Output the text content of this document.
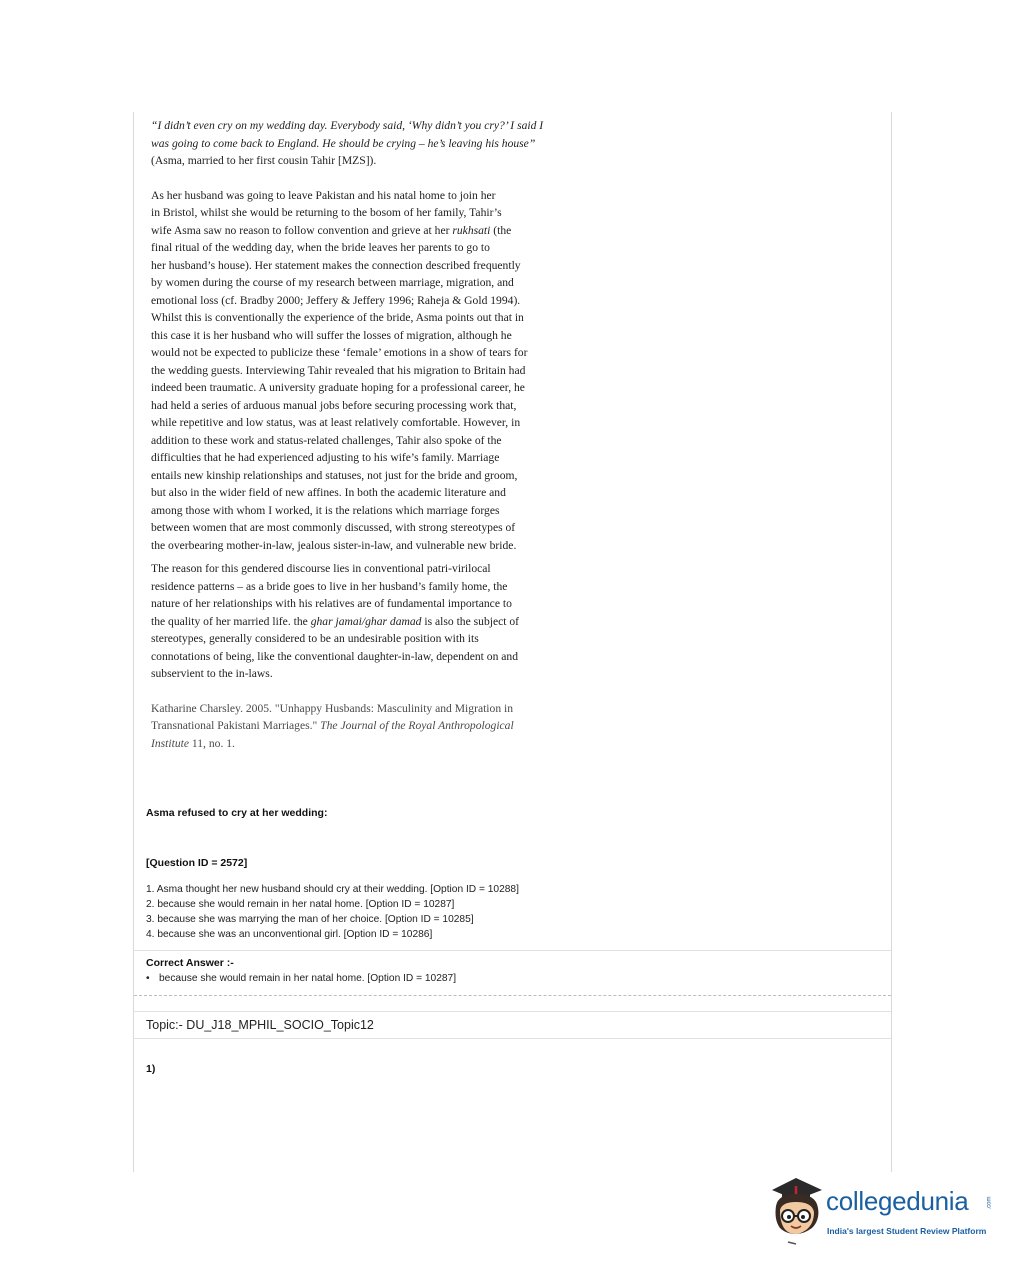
“I didn’t even cry on my wedding day. Everybody said, ‘Why didn’t you cry?’ I said I

was going to come back to England. He should be crying – he’s leaving his house”

(Asma, married to her first cousin Tahir [MZS]).

As her husband was going to leave Pakistan and his natal home to join her

in Bristol, whilst she would be returning to the bosom of her family, Tahir’s

wife Asma saw no reason to follow convention and grieve at her rukhsati (the

final ritual of the wedding day, when the bride leaves her parents to go to

her husband’s house). Her statement makes the connection described frequently

by women during the course of my research between marriage, migration, and

emotional loss (cf. Bradby 2000; Jeffery & Jeffery 1996; Raheja & Gold 1994).

Whilst this is conventionally the experience of the bride, Asma points out that in

this case it is her husband who will suffer the losses of migration, although he

would not be expected to publicize these ‘female’ emotions in a show of tears for

the wedding guests. Interviewing Tahir revealed that his migration to Britain had

indeed been traumatic. A university graduate hoping for a professional career, he

had held a series of arduous manual jobs before securing processing work that,

while repetitive and low status, was at least relatively comfortable. However, in

addition to these work and status-related challenges, Tahir also spoke of the

difficulties that he had experienced adjusting to his wife’s family. Marriage

entails new kinship relationships and statuses, not just for the bride and groom,

but also in the wider field of new affines. In both the academic literature and

among those with whom I worked, it is the relations which marriage forges

between women that are most commonly discussed, with strong stereotypes of

the overbearing mother-in-law, jealous sister-in-law, and vulnerable new bride.

The reason for this gendered discourse lies in conventional patri-virilocal

residence patterns – as a bride goes to live in her husband’s family home, the

nature of her relationships with his relatives are of fundamental importance to

the quality of her married life. the ghar jamai/ghar damad is also the subject of

stereotypes, generally considered to be an undesirable position with its

connotations of being, like the conventional daughter-in-law, dependent on and

subservient to the in-laws.

Katharine Charsley. 2005. "Unhappy Husbands: Masculinity and Migration in

Transnational Pakistani Marriages." The Journal of the Royal Anthropological

Institute 11, no. 1.

Asma refused to cry at her wedding:
[Question ID = 2572]
1. Asma thought her new husband should cry at their wedding. [Option ID = 10288]
2. because she would remain in her natal home. [Option ID = 10287]
3. because she was marrying the man of her choice. [Option ID = 10285]
4. because she was an unconventional girl. [Option ID = 10286]
Correct Answer :-
• because she would remain in her natal home. [Option ID = 10287]
Topic:- DU_J18_MPHIL_SOCIO_Topic12
1)
collegedunia	.com
India's largest Student Review Platform
